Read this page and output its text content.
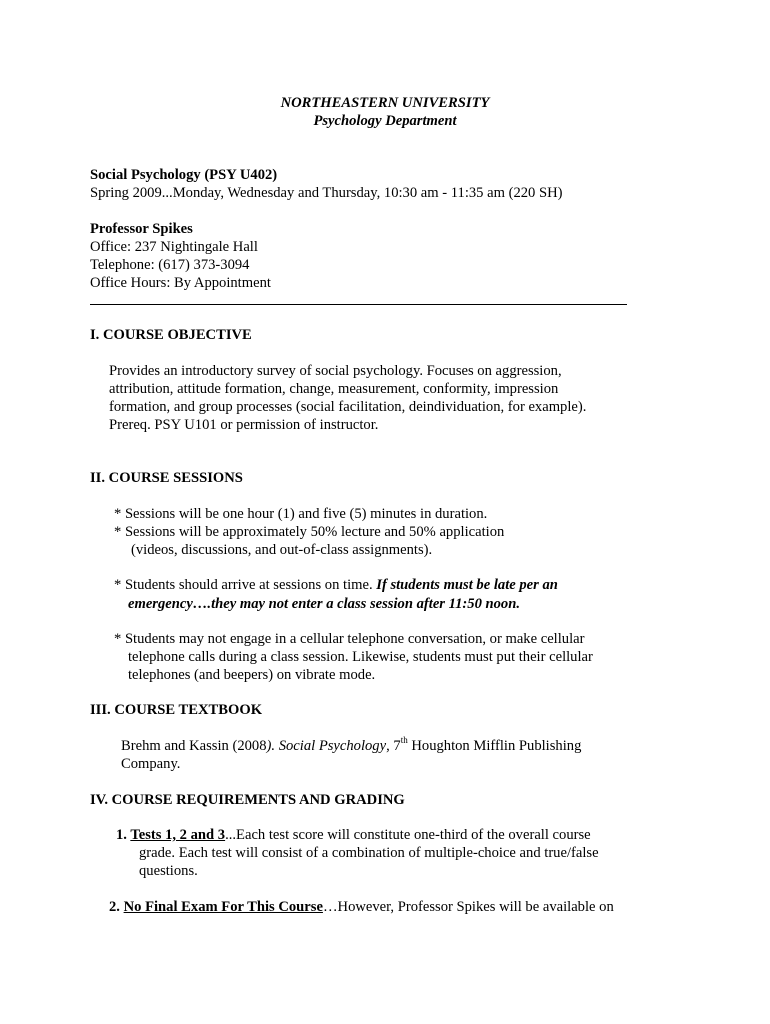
NORTHEASTERN UNIVERSITY
Psychology Department
Social Psychology (PSY U402)
Spring 2009...Monday, Wednesday and Thursday, 10:30 am - 11:35 am (220 SH)
Professor Spikes
Office: 237 Nightingale Hall
Telephone: (617) 373-3094
Office Hours: By Appointment
I. COURSE OBJECTIVE
Provides an introductory survey of social psychology. Focuses on aggression,
attribution, attitude formation, change, measurement, conformity, impression
formation, and group processes (social facilitation, deindividuation, for example).
Prereq. PSY U101 or permission of instructor.
II. COURSE SESSIONS
* Sessions will be one hour (1) and five (5) minutes in duration.
* Sessions will be approximately 50% lecture and 50% application
(videos, discussions, and out-of-class assignments).
* Students should arrive at sessions on time. If students must be late per an
emergency….they may not enter a class session after 11:50 noon.
* Students may not engage in a cellular telephone conversation, or make cellular
telephone calls during a class session. Likewise, students must put their cellular
telephones (and beepers) on vibrate mode.
III. COURSE TEXTBOOK
Brehm and Kassin (2008). Social Psychology, 7th Houghton Mifflin Publishing
Company.
IV. COURSE REQUIREMENTS AND GRADING
1. Tests 1, 2 and 3...Each test score will constitute one-third of the overall course
grade. Each test will consist of a combination of multiple-choice and true/false
questions.
2. No Final Exam For This Course…However, Professor Spikes will be available on
